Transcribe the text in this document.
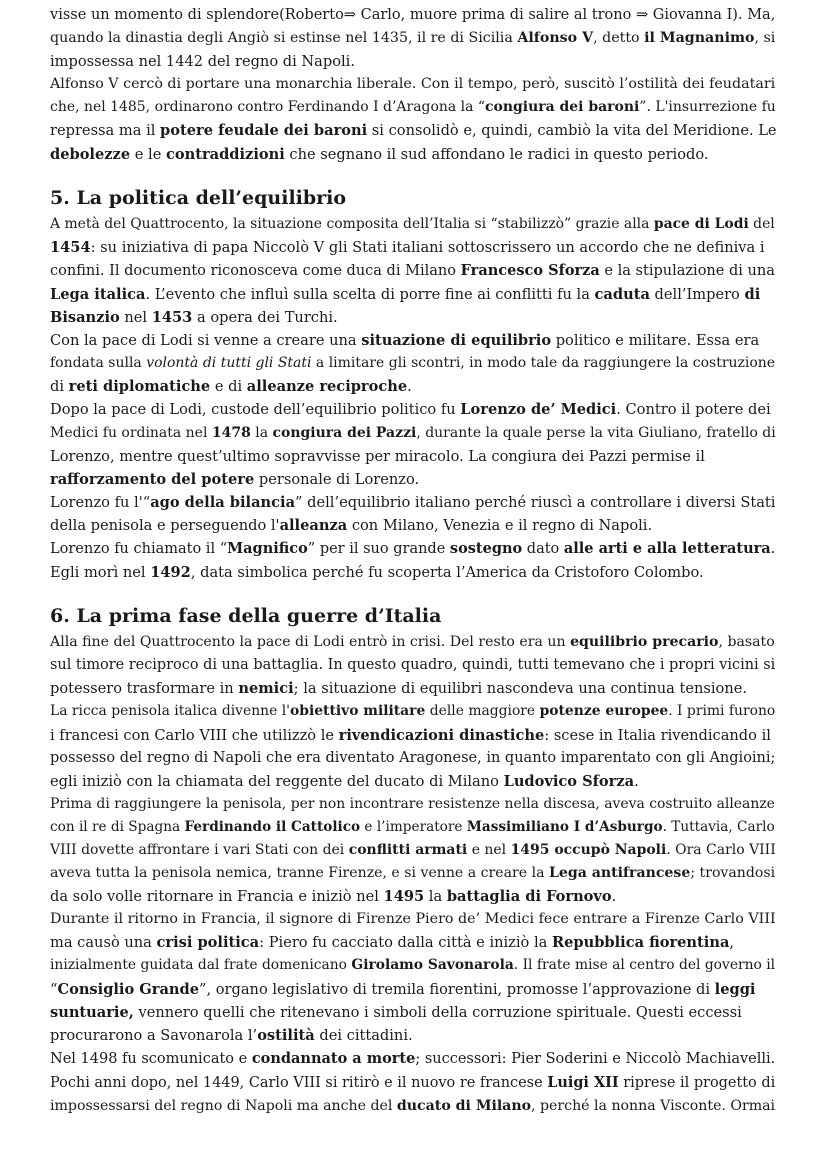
visse un momento di splendore(Roberto⇒ Carlo, muore prima di salire al trono ⇒ Giovanna I). Ma,

quando la dinastia degli Angiò si estinse nel 1435, il re di Sicilia Alfonso V, detto il Magnanimo, si

impossessa nel 1442 del regno di Napoli.

Alfonso V cercò di portare una monarchia liberale. Con il tempo, però, suscitò l’ostilità dei feudatari

che, nel 1485, ordinarono contro Ferdinando I d’Aragona la “congiura dei baroni”. L'insurrezione fu

repressa ma il potere feudale dei baroni si consolidò e, quindi, cambiò la vita del Meridione. Le

debolezze e le contraddizioni che segnano il sud affondano le radici in questo periodo.

5. La politica dell’equilibrio

A metà del Quattrocento, la situazione composita dell’Italia si “stabilizzò” grazie alla pace di Lodi del

1454: su iniziativa di papa Niccolò V gli Stati italiani sottoscrissero un accordo che ne definiva i

confini. Il documento riconosceva come duca di Milano Francesco Sforza e la stipulazione di una

Lega italica. L’evento che influì sulla scelta di porre fine ai conflitti fu la caduta dell’Impero di

Bisanzio nel 1453 a opera dei Turchi.

Con la pace di Lodi si venne a creare una situazione di equilibrio politico e militare. Essa era

fondata sulla volontà di tutti gli Stati a limitare gli scontri, in modo tale da raggiungere la costruzione

di reti diplomatiche e di alleanze reciproche.

Dopo la pace di Lodi, custode dell’equilibrio politico fu Lorenzo de’ Medici. Contro il potere dei

Medici fu ordinata nel 1478 la congiura dei Pazzi, durante la quale perse la vita Giuliano, fratello di

Lorenzo, mentre quest’ultimo sopravvisse per miracolo. La congiura dei Pazzi permise il

rafforzamento del potere personale di Lorenzo.

Lorenzo fu l'“ago della bilancia” dell’equilibrio italiano perché riuscì a controllare i diversi Stati

della penisola e perseguendo l'alleanza con Milano, Venezia e il regno di Napoli.

Lorenzo fu chiamato il “Magnifico” per il suo grande sostegno dato alle arti e alla letteratura.

Egli morì nel 1492, data simbolica perché fu scoperta l’America da Cristoforo Colombo.

6. La prima fase della guerre d’Italia

Alla fine del Quattrocento la pace di Lodi entrò in crisi. Del resto era un equilibrio precario, basato

sul timore reciproco di una battaglia. In questo quadro, quindi, tutti temevano che i propri vicini si

potessero trasformare in nemici; la situazione di equilibri nascondeva una continua tensione.

La ricca penisola italica divenne l'obiettivo militare delle maggiore potenze europee. I primi furono

i francesi con Carlo VIII che utilizzò le rivendicazioni dinastiche: scese in Italia rivendicando il

possesso del regno di Napoli che era diventato Aragonese, in quanto imparentato con gli Angioini;

egli iniziò con la chiamata del reggente del ducato di Milano Ludovico Sforza.

Prima di raggiungere la penisola, per non incontrare resistenze nella discesa, aveva costruito alleanze

con il re di Spagna Ferdinando il Cattolico e l’imperatore Massimiliano I d’Asburgo. Tuttavia, Carlo

VIII dovette affrontare i vari Stati con dei conflitti armati e nel 1495 occupò Napoli. Ora Carlo VIII

aveva tutta la penisola nemica, tranne Firenze, e si venne a creare la Lega antifrancese; trovandosi

da solo volle ritornare in Francia e iniziò nel 1495 la battaglia di Fornovo.

Durante il ritorno in Francia, il signore di Firenze Piero de’ Medici fece entrare a Firenze Carlo VIII

ma causò una crisi politica: Piero fu cacciato dalla città e iniziò la Repubblica fiorentina,

inizialmente guidata dal frate domenicano Girolamo Savonarola. Il frate mise al centro del governo il

“Consiglio Grande”, organo legislativo di tremila fiorentini, promosse l’approvazione di leggi

suntuarie, vennero quelli che ritenevano i simboli della corruzione spirituale. Questi eccessi

procurarono a Savonarola l’ostilità dei cittadini.

Nel 1498 fu scomunicato e condannato a morte; successori: Pier Soderini e Niccolò Machiavelli.

Pochi anni dopo, nel 1449, Carlo VIII si ritirò e il nuovo re francese Luigi XII riprese il progetto di

impossessarsi del regno di Napoli ma anche del ducato di Milano, perché la nonna Visconte. Ormai
